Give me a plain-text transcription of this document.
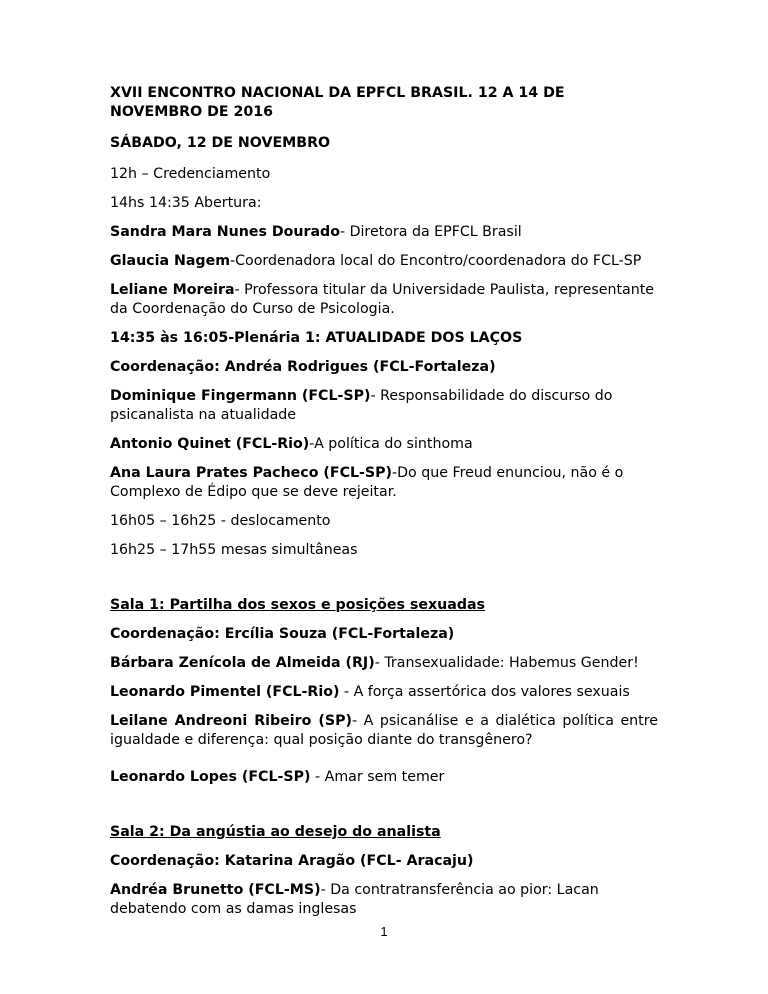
XVII ENCONTRO NACIONAL DA EPFCL BRASIL. 12 A 14 DE NOVEMBRO DE 2016

SÁBADO, 12 DE NOVEMBRO

12h – Credenciamento

14hs 14:35 Abertura:

Sandra Mara Nunes Dourado- Diretora da EPFCL Brasil

Glaucia Nagem-Coordenadora local do Encontro/coordenadora do FCL-SP

Leliane Moreira- Professora titular da Universidade Paulista, representante da Coordenação do Curso de Psicologia.

14:35 às 16:05-Plenária 1: ATUALIDADE DOS LAÇOS

Coordenação: Andréa Rodrigues (FCL-Fortaleza)

Dominique Fingermann (FCL-SP)- Responsabilidade do discurso do psicanalista na atualidade

Antonio Quinet (FCL-Rio)-A política do sinthoma

Ana Laura Prates Pacheco (FCL-SP)-Do que Freud enunciou, não é o Complexo de Édipo que se deve rejeitar.

16h05 – 16h25 - deslocamento

16h25 – 17h55 mesas simultâneas

Sala 1: Partilha dos sexos e posições sexuadas

Coordenação: Ercília Souza (FCL-Fortaleza)

Bárbara Zenícola de Almeida (RJ)- Transexualidade: Habemus Gender!

Leonardo Pimentel (FCL-Rio) - A força assertórica dos valores sexuais

Leilane Andreoni Ribeiro (SP)- A psicanálise e a dialética política entre igualdade e diferença: qual posição diante do transgênero?

Leonardo Lopes (FCL-SP) - Amar sem temer

Sala 2: Da angústia ao desejo do analista

Coordenação: Katarina Aragão (FCL- Aracaju)

Andréa Brunetto (FCL-MS)- Da contratransferência ao pior: Lacan debatendo com as damas inglesas

1
